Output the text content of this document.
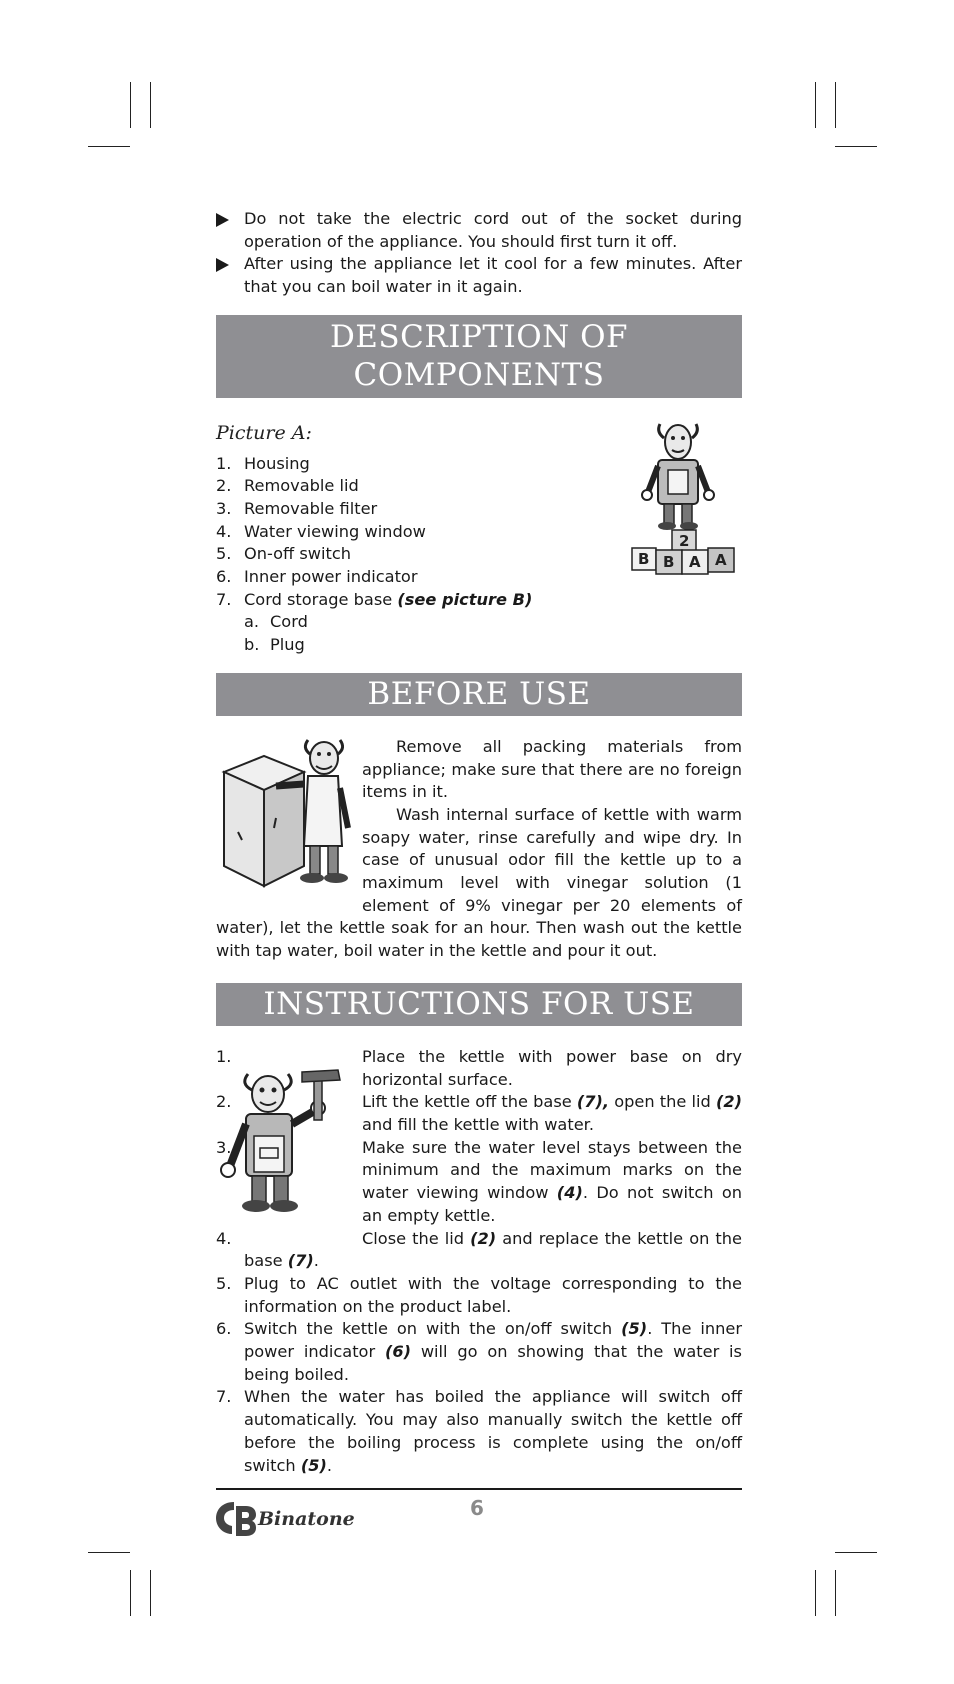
Do not take the electric cord out of the socket during operation of the appliance. You should first turn it off.

After using the appliance let it cool for a few minutes. After that you can boil water in it again.

DESCRIPTION OF
COMPONENTS
Picture A:
1. Housing
2. Removable lid
3. Removable filter
4. Water viewing window
5. On-off switch
6. Inner power indicator
7. Cord storage base (see picture B)
a. Cord
b. Plug
BEFORE USE

Remove all packing materials from appliance; make sure that there are no foreign items in it.

Wash internal surface of kettle with warm soapy water, rinse carefully and wipe dry. In case of unusual odor fill the kettle up to a maximum level with vinegar solution (1 element of 9% vinegar per 20 elements of water), let the kettle soak for an hour. Then wash out the kettle with tap water, boil water in the kettle and pour it out.

INSTRUCTIONS FOR USE
1.	Place the kettle with power base on dry horizontal surface.
2.	Lift the kettle off the base (7), open the lid (2) and fill the kettle with water.
3.	Make sure the water level stays between the minimum and the maximum marks on the water viewing window (4). Do not switch on an empty kettle.
4.	Close the lid (2) and replace the kettle on the base (7).
5. Plug to AC outlet with the voltage corresponding to the information on the product label.
6. Switch the kettle on with the on/off switch (5). The inner power indicator (6) will go on showing that the water is being boiled.
7. When the water has boiled the appliance will switch off automatically. You may also manually switch the kettle off before the boiling process is complete using the on/off switch (5).
2
B B A A
Binatone	6
